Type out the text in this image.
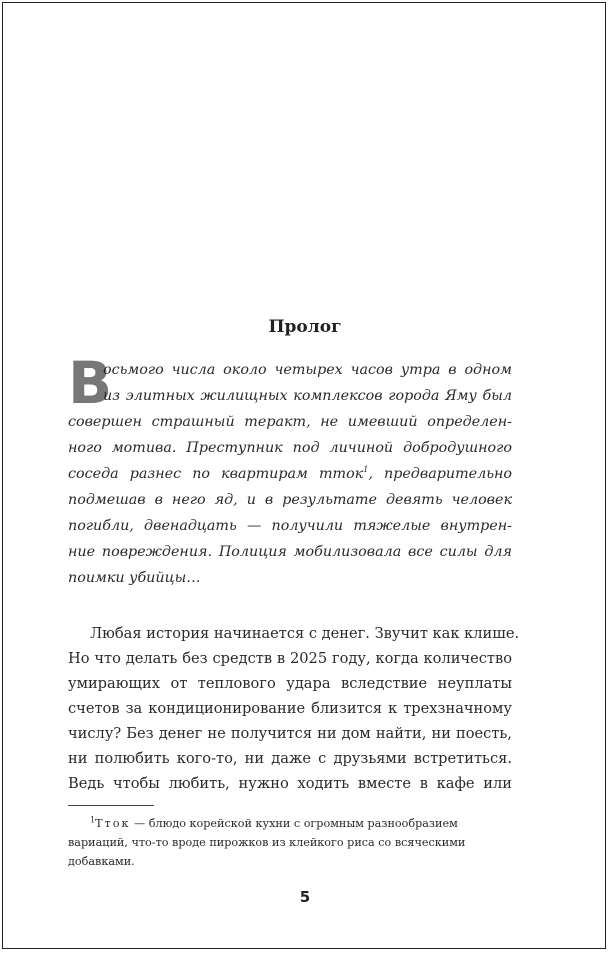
Пролог
В
осьмого числа около четырех часов утра в одном
из элитных жилищных комплексов города Яму был
совершен страшный теракт, не имевший определен-
ного мотива. Преступник под личиной добродушного
соседа разнес по квартирам тток$^1$, предварительно
подмешав в него яд, и в результате девять человек
погибли, двенадцать — получили тяжелые внутрен-
ние повреждения. Полиция мобилизовала все силы для
поимки убийцы…
Любая история начинается с денег. Звучит как клише.
Но что делать без средств в 2025 году, когда количество
умирающих от теплового удара вследствие неуплаты
счетов за кондиционирование близится к трехзначному
числу? Без денег не получится ни дом найти, ни поесть,
ни полюбить кого-то, ни даже с друзьями встретиться.
Ведь чтобы любить, нужно ходить вместе в кафе или
$^1$Тток — блюдо корейской кухни с огромным разнообразием
вариаций, что-то вроде пирожков из клейкого риса со всяческими
добавками.
5
